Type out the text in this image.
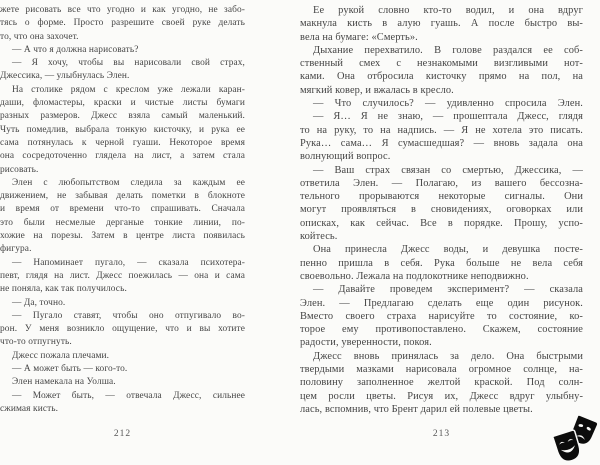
жете рисовать все что угодно и как угодно, не забо-
тясь о форме. Просто разрешите своей руке делать
то, что она захочет.
— А что я должна нарисовать?
— Я хочу, чтобы вы нарисовали свой страх,
Джессика, — улыбнулась Элен.
На столике рядом с креслом уже лежали каран-
даши, фломастеры, краски и чистые листы бумаги
разных размеров. Джесс взяла самый маленький.
Чуть помедлив, выбрала тонкую кисточку, и рука ее
сама потянулась к черной гуаши. Некоторое время
она сосредоточенно глядела на лист, а затем стала
рисовать.
Элен с любопытством следила за каждым ее
движением, не забывая делать пометки в блокноте
и время от времени что-то спрашивать. Сначала
это были несмелые дерганые тонкие линии, по-
хожие на порезы. Затем в центре листа появилась
фигура.
— Напоминает пугало, — сказала психотера-
певт, глядя на лист. Джесс поежилась — она и сама
не поняла, как так получилось.
— Да, точно.
— Пугало ставят, чтобы оно отпугивало во-
рон. У меня возникло ощущение, что и вы хотите
что-то отпугнуть.
Джесс пожала плечами.
— А может быть — кого-то.
Элен намекала на Уолша.
— Может быть, — отвечала Джесс, сильнее
сжимая кисть.
212
Ее рукой словно кто-то водил, и она вдруг
макнула кисть в алую гуашь. А после быстро вы-
вела на бумаге: «Смерть».
Дыхание перехватило. В голове раздался ее соб-
ственный смех с незнакомыми визгливыми нот-
ками. Она отбросила кисточку прямо на пол, на
мягкий ковер, и вжалась в кресло.
— Что случилось? — удивленно спросила Элен.
— Я… Я не знаю, — прошептала Джесс, глядя
то на руку, то на надпись. — Я не хотела это писать.
Рука… сама… Я сумасшедшая? — вновь задала она
волнующий вопрос.
— Ваш страх связан со смертью, Джессика, —
ответила Элен. — Полагаю, из вашего бессозна-
тельного прорываются некоторые сигналы. Они
могут проявляться в сновидениях, оговорках или
описках, как сейчас. Все в порядке. Прошу, успо-
койтесь.
Она принесла Джесс воды, и девушка посте-
пенно пришла в себя. Рука больше не вела себя
своевольно. Лежала на подлокотнике неподвижно.
— Давайте проведем эксперимент? — сказала
Элен. — Предлагаю сделать еще один рисунок.
Вместо своего страха нарисуйте то состояние, ко-
торое ему противопоставлено. Скажем, состояние
радости, уверенности, покоя.
Джесс вновь принялась за дело. Она быстрыми
твердыми мазками нарисовала огромное солнце, на-
половину заполненное желтой краской. Под солн-
цем росли цветы. Рисуя их, Джесс вдруг улыбну-
лась, вспомнив, что Брент дарил ей полевые цветы.
213
